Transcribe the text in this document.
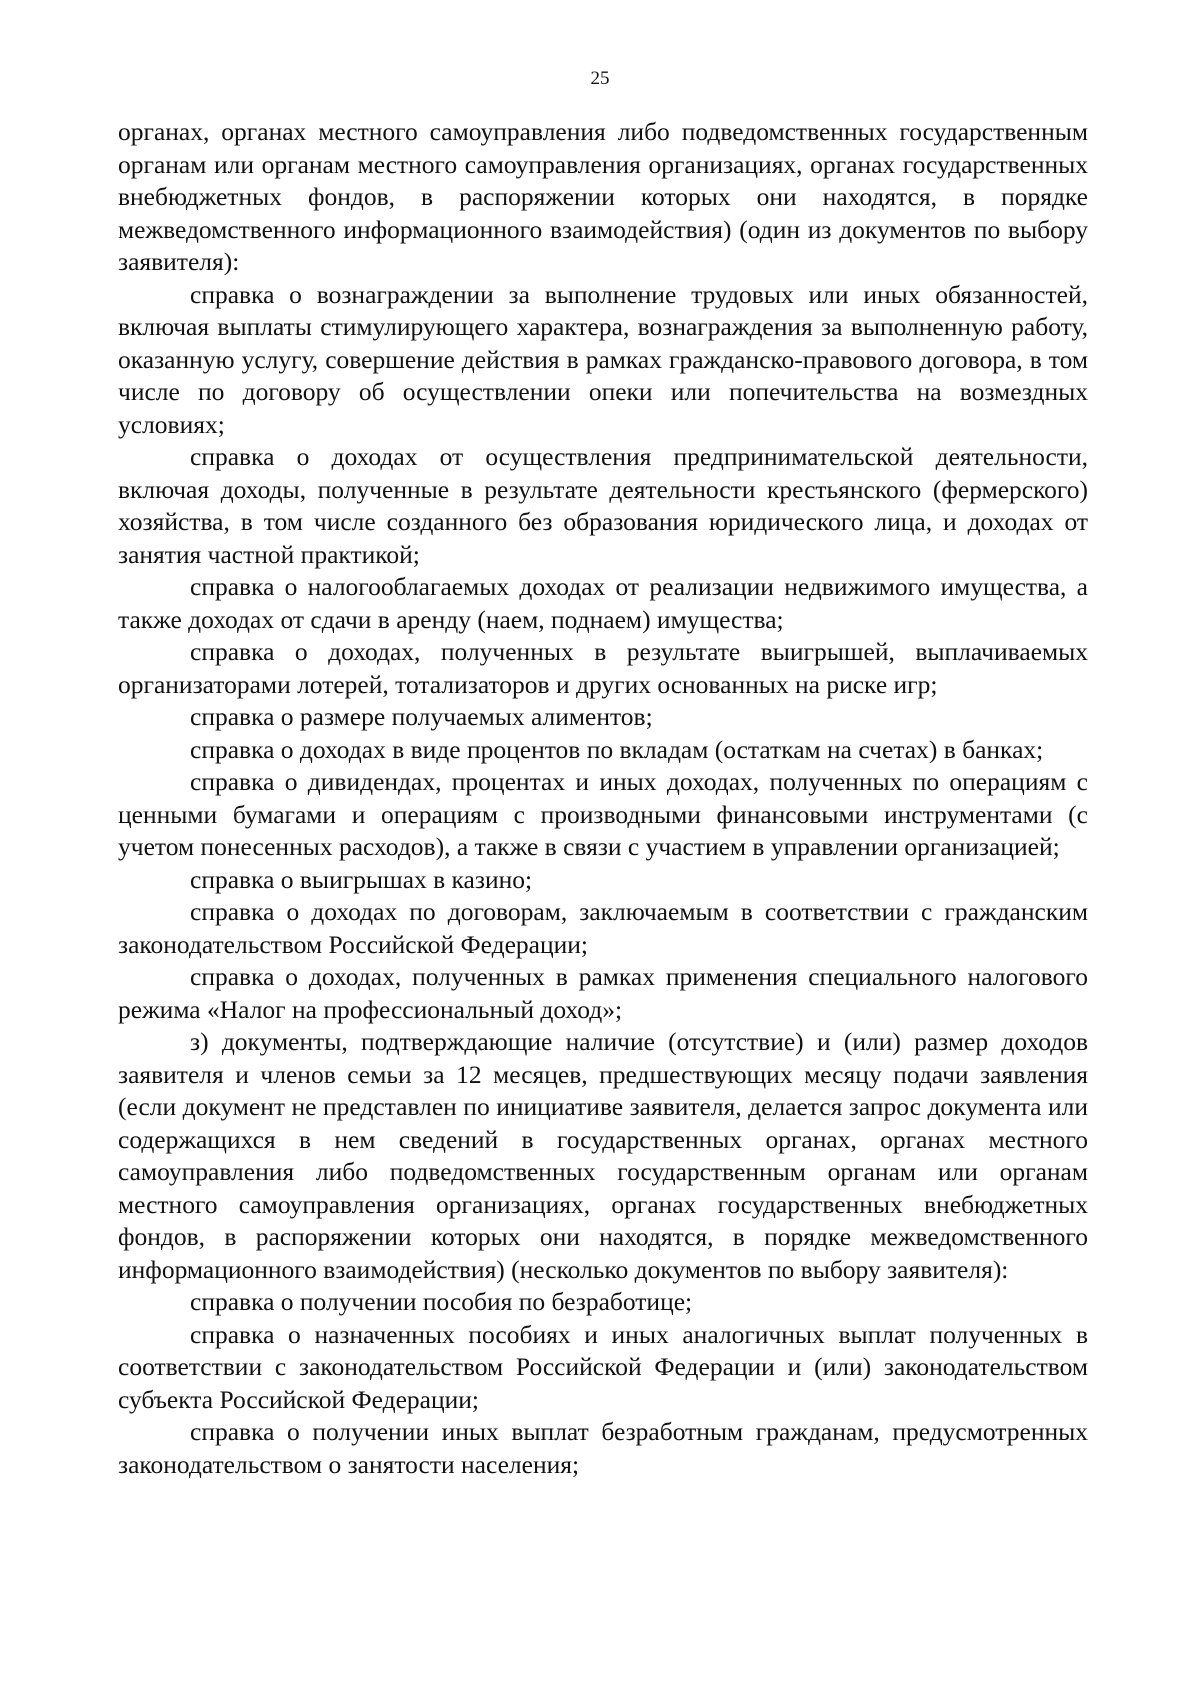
25

органах, органах местного самоуправления либо подведомственных государственным органам или органам местного самоуправления организациях, органах государственных внебюджетных фондов, в распоряжении которых они находятся, в порядке межведомственного информационного взаимодействия) (один из документов по выбору заявителя):

справка о вознаграждении за выполнение трудовых или иных обязанностей, включая выплаты стимулирующего характера, вознаграждения за выполненную работу, оказанную услугу, совершение действия в рамках гражданско-правового договора, в том числе по договору об осуществлении опеки или попечительства на возмездных условиях;

справка о доходах от осуществления предпринимательской деятельности, включая доходы, полученные в результате деятельности крестьянского (фермерского) хозяйства, в том числе созданного без образования юридического лица, и доходах от занятия частной практикой;

справка о налогооблагаемых доходах от реализации недвижимого имущества, а также доходах от сдачи в аренду (наем, поднаем) имущества;

справка о доходах, полученных в результате выигрышей, выплачиваемых организаторами лотерей, тотализаторов и других основанных на риске игр;

справка о размере получаемых алиментов;

справка о доходах в виде процентов по вкладам (остаткам на счетах) в банках;

справка о дивидендах, процентах и иных доходах, полученных по операциям с ценными бумагами и операциям с производными финансовыми инструментами (с учетом понесенных расходов), а также в связи с участием в управлении организацией;

справка о выигрышах в казино;

справка о доходах по договорам, заключаемым в соответствии с гражданским законодательством Российской Федерации;

справка о доходах, полученных в рамках применения специального налогового режима «Налог на профессиональный доход»;

з) документы, подтверждающие наличие (отсутствие) и (или) размер доходов заявителя и членов семьи за 12 месяцев, предшествующих месяцу подачи заявления (если документ не представлен по инициативе заявителя, делается запрос документа или содержащихся в нем сведений в государственных органах, органах местного самоуправления либо подведомственных государственным органам или органам местного самоуправления организациях, органах государственных внебюджетных фондов, в распоряжении которых они находятся, в порядке межведомственного информационного взаимодействия) (несколько документов по выбору заявителя):

справка о получении пособия по безработице;

справка о назначенных пособиях и иных аналогичных выплат полученных в соответствии с законодательством Российской Федерации и (или) законодательством субъекта Российской Федерации;

справка о получении иных выплат безработным гражданам, предусмотренных законодательством о занятости населения;
